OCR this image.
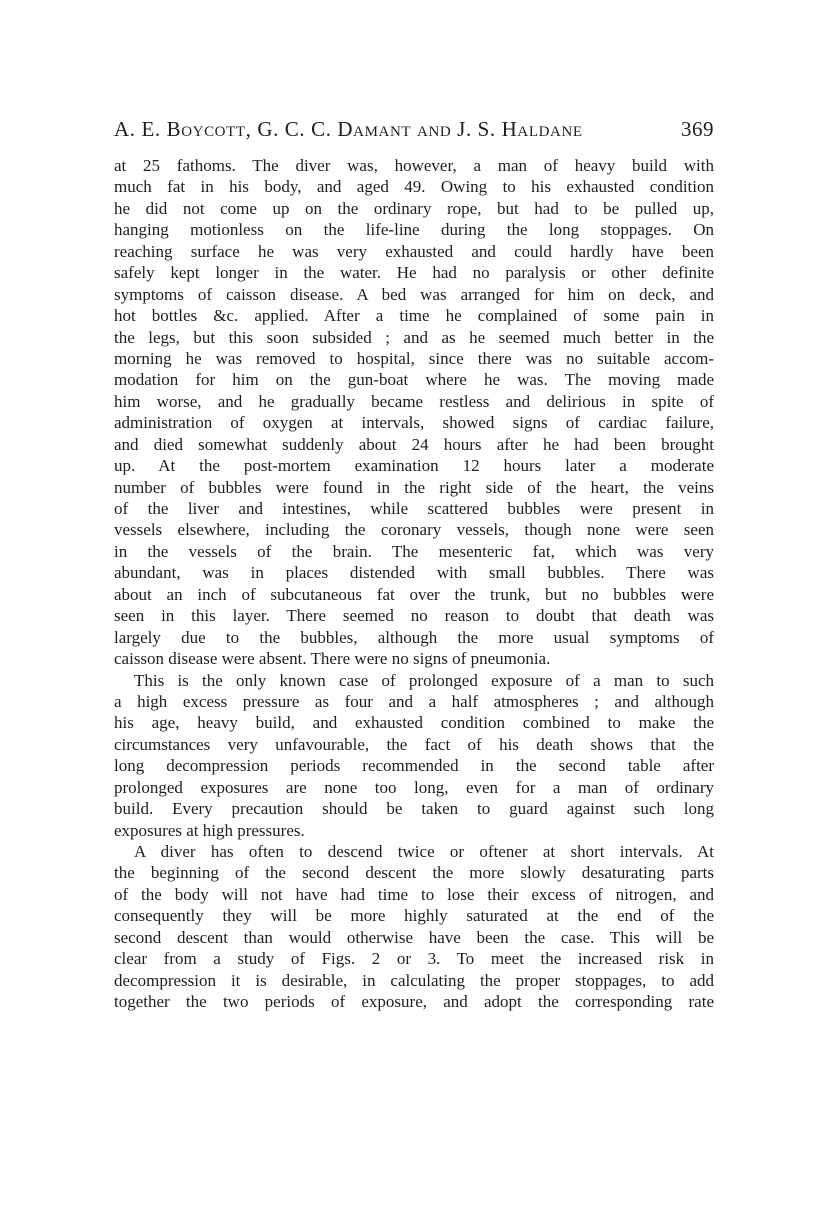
A. E. Boycott, G. C. C. Damant and J. S. Haldane	369
at 25 fathoms. The diver was, however, a man of heavy build with
much fat in his body, and aged 49. Owing to his exhausted condition
he did not come up on the ordinary rope, but had to be pulled up,
hanging motionless on the life-line during the long stoppages. On
reaching surface he was very exhausted and could hardly have been
safely kept longer in the water. He had no paralysis or other definite
symptoms of caisson disease. A bed was arranged for him on deck, and
hot bottles &c. applied. After a time he complained of some pain in
the legs, but this soon subsided ; and as he seemed much better in the
morning he was removed to hospital, since there was no suitable accom-
modation for him on the gun-boat where he was. The moving made
him worse, and he gradually became restless and delirious in spite of
administration of oxygen at intervals, showed signs of cardiac failure,
and died somewhat suddenly about 24 hours after he had been brought
up. At the post-mortem examination 12 hours later a moderate
number of bubbles were found in the right side of the heart, the veins
of the liver and intestines, while scattered bubbles were present in
vessels elsewhere, including the coronary vessels, though none were seen
in the vessels of the brain. The mesenteric fat, which was very
abundant, was in places distended with small bubbles. There was
about an inch of subcutaneous fat over the trunk, but no bubbles were
seen in this layer. There seemed no reason to doubt that death was
largely due to the bubbles, although the more usual symptoms of
caisson disease were absent. There were no signs of pneumonia.
This is the only known case of prolonged exposure of a man to such
a high excess pressure as four and a half atmospheres ; and although
his age, heavy build, and exhausted condition combined to make the
circumstances very unfavourable, the fact of his death shows that the
long decompression periods recommended in the second table after
prolonged exposures are none too long, even for a man of ordinary
build. Every precaution should be taken to guard against such long
exposures at high pressures.
A diver has often to descend twice or oftener at short intervals. At
the beginning of the second descent the more slowly desaturating parts
of the body will not have had time to lose their excess of nitrogen, and
consequently they will be more highly saturated at the end of the
second descent than would otherwise have been the case. This will be
clear from a study of Figs. 2 or 3. To meet the increased risk in
decompression it is desirable, in calculating the proper stoppages, to add
together the two periods of exposure, and adopt the corresponding rate
